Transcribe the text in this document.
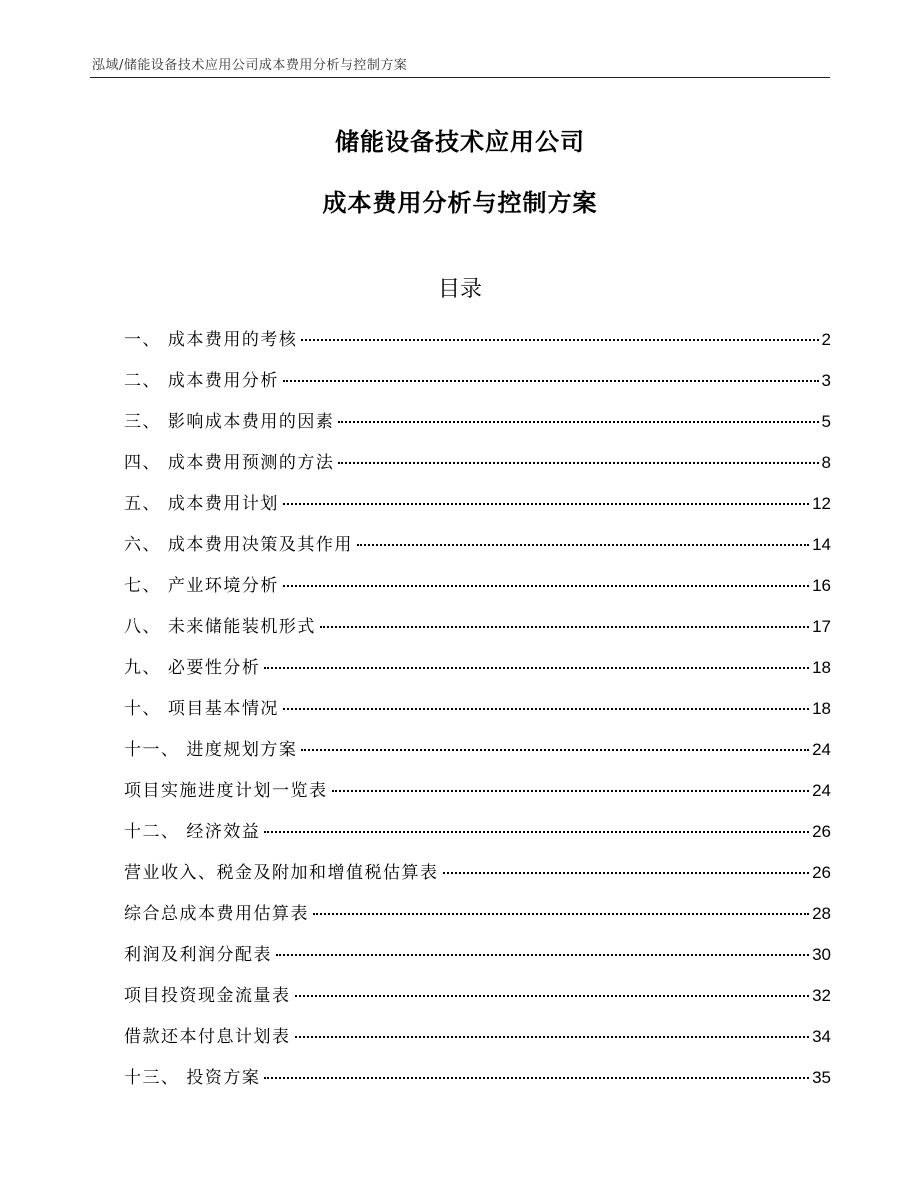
泓域/储能设备技术应用公司成本费用分析与控制方案
储能设备技术应用公司
成本费用分析与控制方案
目录
一、 成本费用的考核	2
二、 成本费用分析	3
三、 影响成本费用的因素	5
四、 成本费用预测的方法	8
五、 成本费用计划	12
六、 成本费用决策及其作用	14
七、 产业环境分析	16
八、 未来储能装机形式	17
九、 必要性分析	18
十、 项目基本情况	18
十一、 进度规划方案	24
项目实施进度计划一览表	24
十二、 经济效益	26
营业收入、税金及附加和增值税估算表	26
综合总成本费用估算表	28
利润及利润分配表	30
项目投资现金流量表	32
借款还本付息计划表	34
十三、 投资方案	35
